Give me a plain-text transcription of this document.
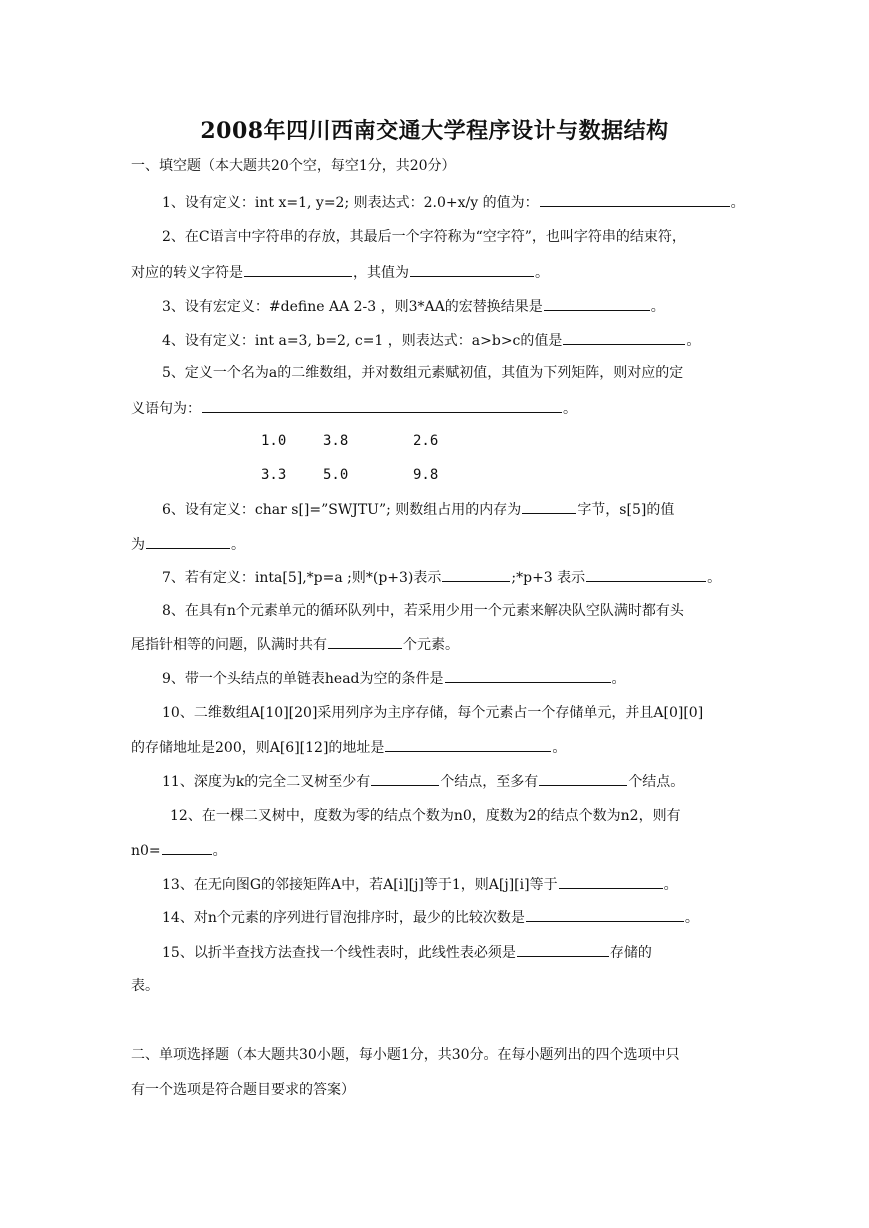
2008年四川西南交通大学程序设计与数据结构
一、填空题（本大题共20个空，每空1分，共20分）
1、设有定义：int x=1, y=2; 则表达式：2.0+x/y 的值为：	。
2、在C语言中字符串的存放，其最后一个字符称为“空字符”，也叫字符串的结束符，
对应的转义字符是	，其值为	。
3、设有宏定义：#define AA 2-3 ，则3*AA的宏替换结果是	。
4、设有定义：int a=3, b=2, c=1 ，则表达式：a>b>c的值是	。
5、定义一个名为a的二维数组，并对数组元素赋初值，其值为下列矩阵，则对应的定
义语句为：	。
1.0	3.8	2.6
3.3	5.0	9.8
6、设有定义：char s[]=”SWJTU”; 则数组占用的内存为	字节，s[5]的值
为	。
7、若有定义：inta[5],*p=a ;则*(p+3)表示	;*p+3 表示	。
8、在具有n个元素单元的循环队列中，若采用少用一个元素来解决队空队满时都有头
尾指针相等的问题，队满时共有	个元素。
9、带一个头结点的单链表head为空的条件是	。
10、二维数组A[10][20]采用列序为主序存储，每个元素占一个存储单元，并且A[0][0]
的存储地址是200，则A[6][12]的地址是	。
11、深度为k的完全二叉树至少有	个结点，至多有	个结点。
12、在一棵二叉树中，度数为零的结点个数为n0，度数为2的结点个数为n2，则有
n0=	。
13、在无向图G的邻接矩阵A中，若A[i][j]等于1，则A[j][i]等于	。
14、对n个元素的序列进行冒泡排序时，最少的比较次数是	。
15、以折半查找方法查找一个线性表时，此线性表必须是	存储的
表。
二、单项选择题（本大题共30小题，每小题1分，共30分。在每小题列出的四个选项中只
有一个选项是符合题目要求的答案）
